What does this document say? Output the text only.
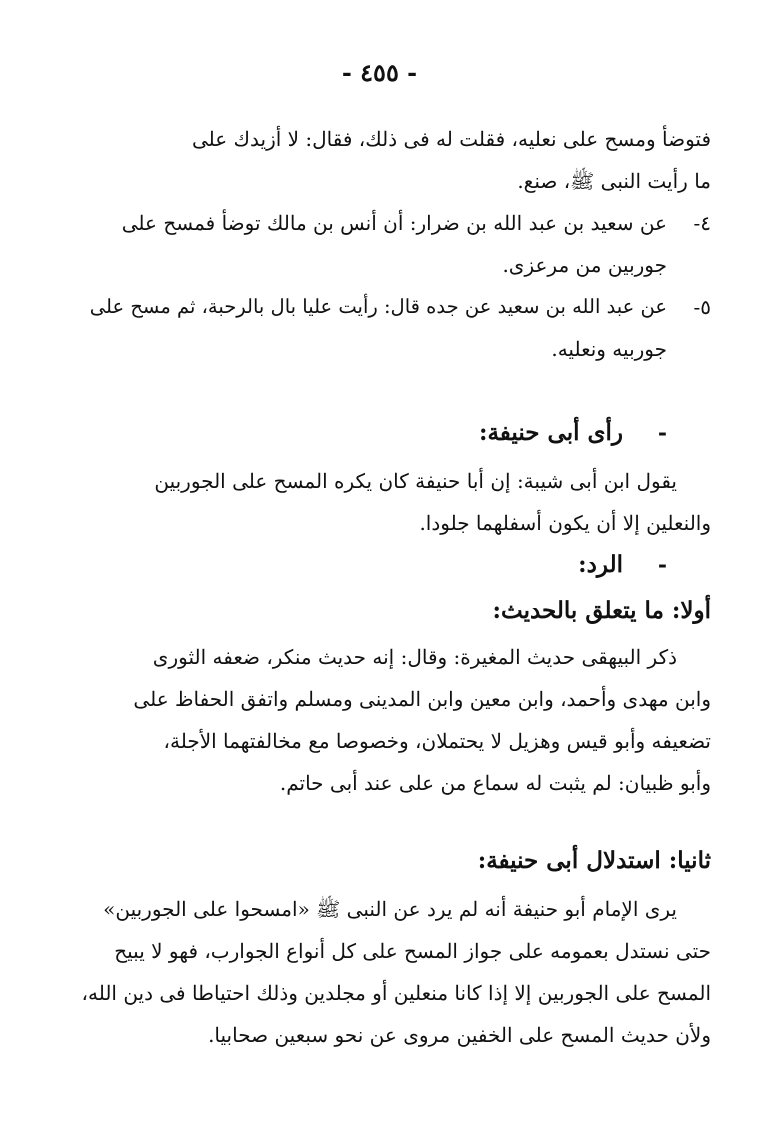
- ٤٥٥ -
فتوضأ ومسح على نعليه، فقلت له فى ذلك، فقال: لا أزيدك على
ما رأيت النبى ﷺ، صنع.
٤-
عن سعيد بن عبد الله بن ضرار: أن أنس بن مالك توضأ فمسح على
جوربين من مرعزى.
٥-
عن عبد الله بن سعيد عن جده قال: رأيت عليا بال بالرحبة، ثم مسح على
جوربيه ونعليه.
-
رأى أبى حنيفة:
يقول ابن أبى شيبة: إن أبا حنيفة كان يكره المسح على الجوربين
والنعلين إلا أن يكون أسفلهما جلودا.
-
الرد:
أولا: ما يتعلق بالحديث:
ذكر البيهقى حديث المغيرة: وقال: إنه حديث منكر، ضعفه الثورى
وابن مهدى وأحمد، وابن معين وابن المدينى ومسلم واتفق الحفاظ على
تضعيفه وأبو قيس وهزيل لا يحتملان، وخصوصا مع مخالفتهما الأجلة،
وأبو ظبيان: لم يثبت له سماع من على عند أبى حاتم.
ثانيا: استدلال أبى حنيفة:
يرى الإمام أبو حنيفة أنه لم يرد عن النبى ﷺ «امسحوا على الجوربين»
حتى نستدل بعمومه على جواز المسح على كل أنواع الجوارب، فهو لا يبيح
المسح على الجوربين إلا إذا كانا منعلين أو مجلدين وذلك احتياطا فى دين الله،
ولأن حديث المسح على الخفين مروى عن نحو سبعين صحابيا.
